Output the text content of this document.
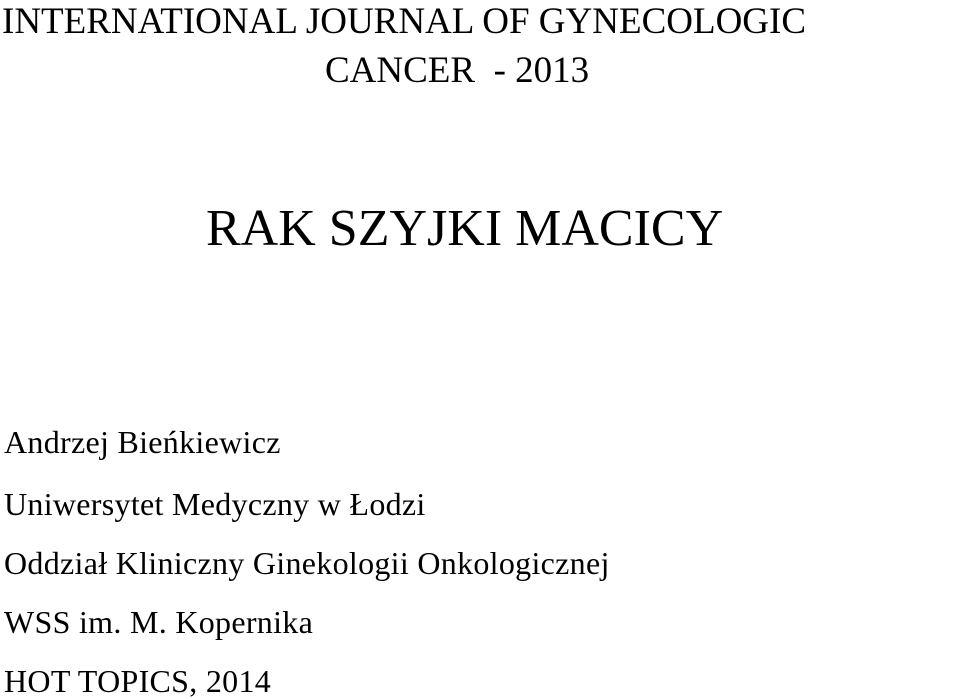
INTERNATIONAL JOURNAL OF GYNECOLOGIC
CANCER  - 2013
RAK SZYJKI MACICY
Andrzej Bieńkiewicz
Uniwersytet Medyczny w Łodzi
Oddział Kliniczny Ginekologii Onkologicznej
WSS im. M. Kopernika
HOT TOPICS, 2014
